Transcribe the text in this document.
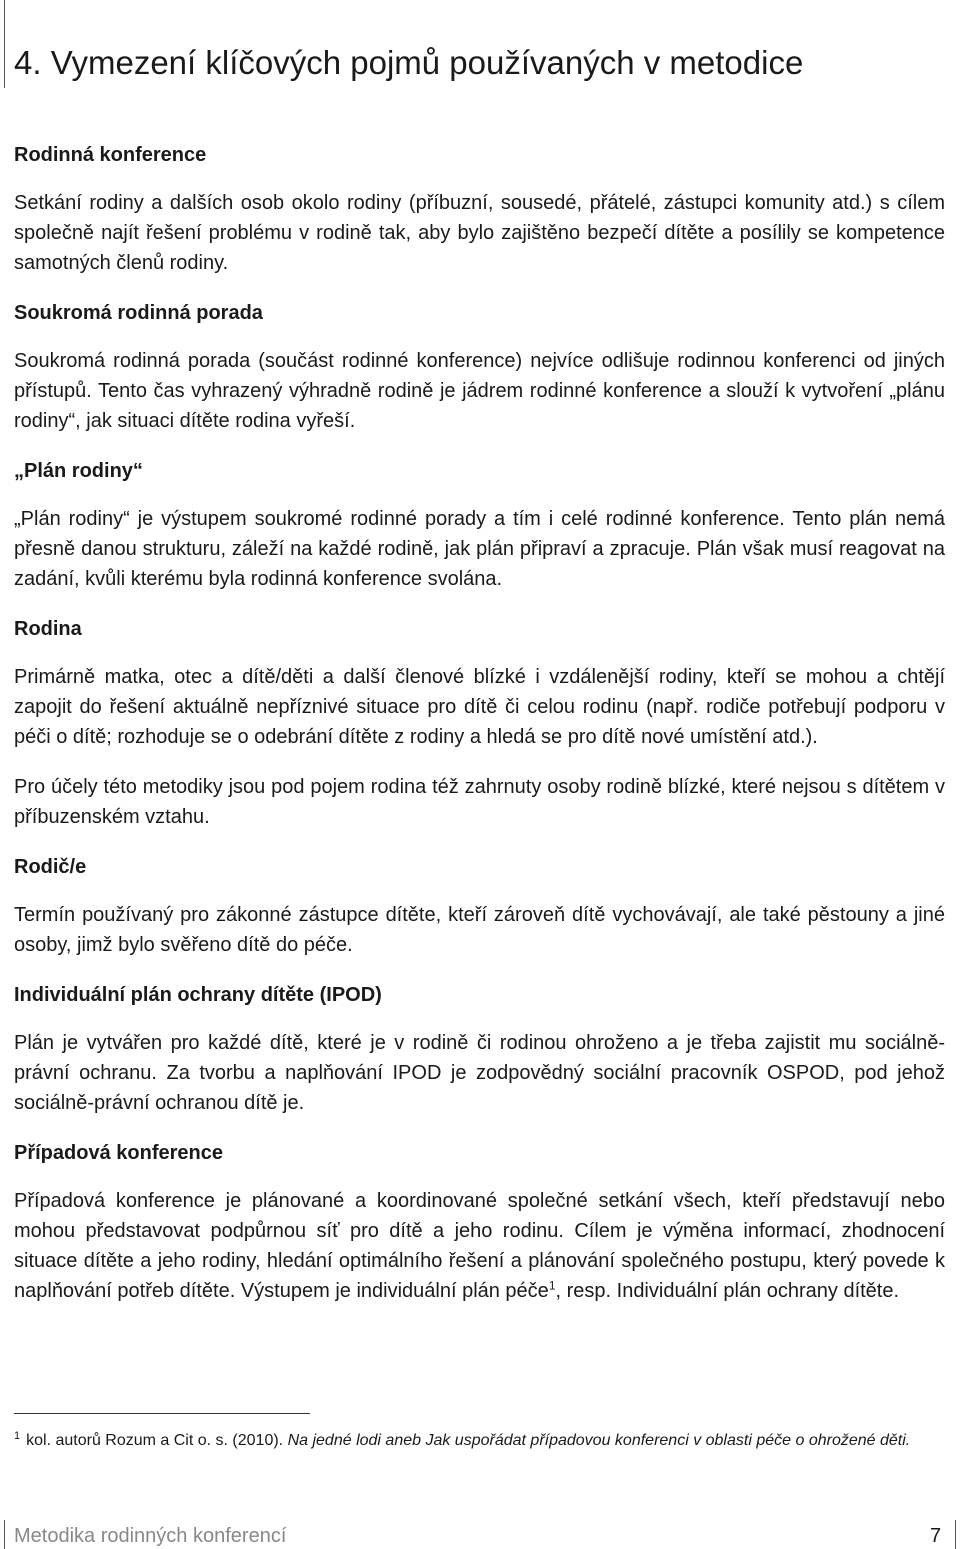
4. Vymezení klíčových pojmů používaných v metodice
Rodinná konference

Setkání rodiny a dalších osob okolo rodiny (příbuzní, sousedé, přátelé, zástupci komunity atd.) s cílem společně najít řešení problému v rodině tak, aby bylo zajištěno bezpečí dítěte a posílily se kompetence samotných členů rodiny.

Soukromá rodinná porada

Soukromá rodinná porada (součást rodinné konference) nejvíce odlišuje rodinnou konferenci od jiných přístupů. Tento čas vyhrazený výhradně rodině je jádrem rodinné konference a slouží k vytvoření „plánu rodiny“, jak situaci dítěte rodina vyřeší.

„Plán rodiny“

„Plán rodiny“ je výstupem soukromé rodinné porady a tím i celé rodinné konference. Tento plán nemá přesně danou strukturu, záleží na každé rodině, jak plán připraví a zpracuje. Plán však musí reagovat na zadání, kvůli kterému byla rodinná konference svolána.

Rodina

Primárně matka, otec a dítě/děti a další členové blízké i vzdálenější rodiny, kteří se mohou a chtějí zapojit do řešení aktuálně nepříznivé situace pro dítě či celou rodinu (např. rodiče potřebují podporu v péči o dítě; rozhoduje se o odebrání dítěte z rodiny a hledá se pro dítě nové umístění atd.).

Pro účely této metodiky jsou pod pojem rodina též zahrnuty osoby rodině blízké, které nejsou s dítětem v příbuzenském vztahu.

Rodič/e

Termín používaný pro zákonné zástupce dítěte, kteří zároveň dítě vychovávají, ale také pěstouny a jiné osoby, jimž bylo svěřeno dítě do péče.

Individuální plán ochrany dítěte (IPOD)

Plán je vytvářen pro každé dítě, které je v rodině či rodinou ohroženo a je třeba zajistit mu sociálně-právní ochranu. Za tvorbu a naplňování IPOD je zodpovědný sociální pracovník OSPOD, pod jehož sociálně-právní ochranou dítě je.

Případová konference

Případová konference je plánované a koordinované společné setkání všech, kteří představují nebo mohou představovat podpůrnou síť pro dítě a jeho rodinu. Cílem je výměna informací, zhodnocení situace dítěte a jeho rodiny, hledání optimálního řešení a plánování společného postupu, který povede k naplňování potřeb dítěte. Výstupem je individuální plán péče$^1$, resp. Individuální plán ochrany dítěte.

$^1$ kol. autorů Rozum a Cit o. s. (2010). Na jedné lodi aneb Jak uspořádat případovou konferenci v oblasti péče o ohrožené děti.
Metodika rodinných konferencí	7
